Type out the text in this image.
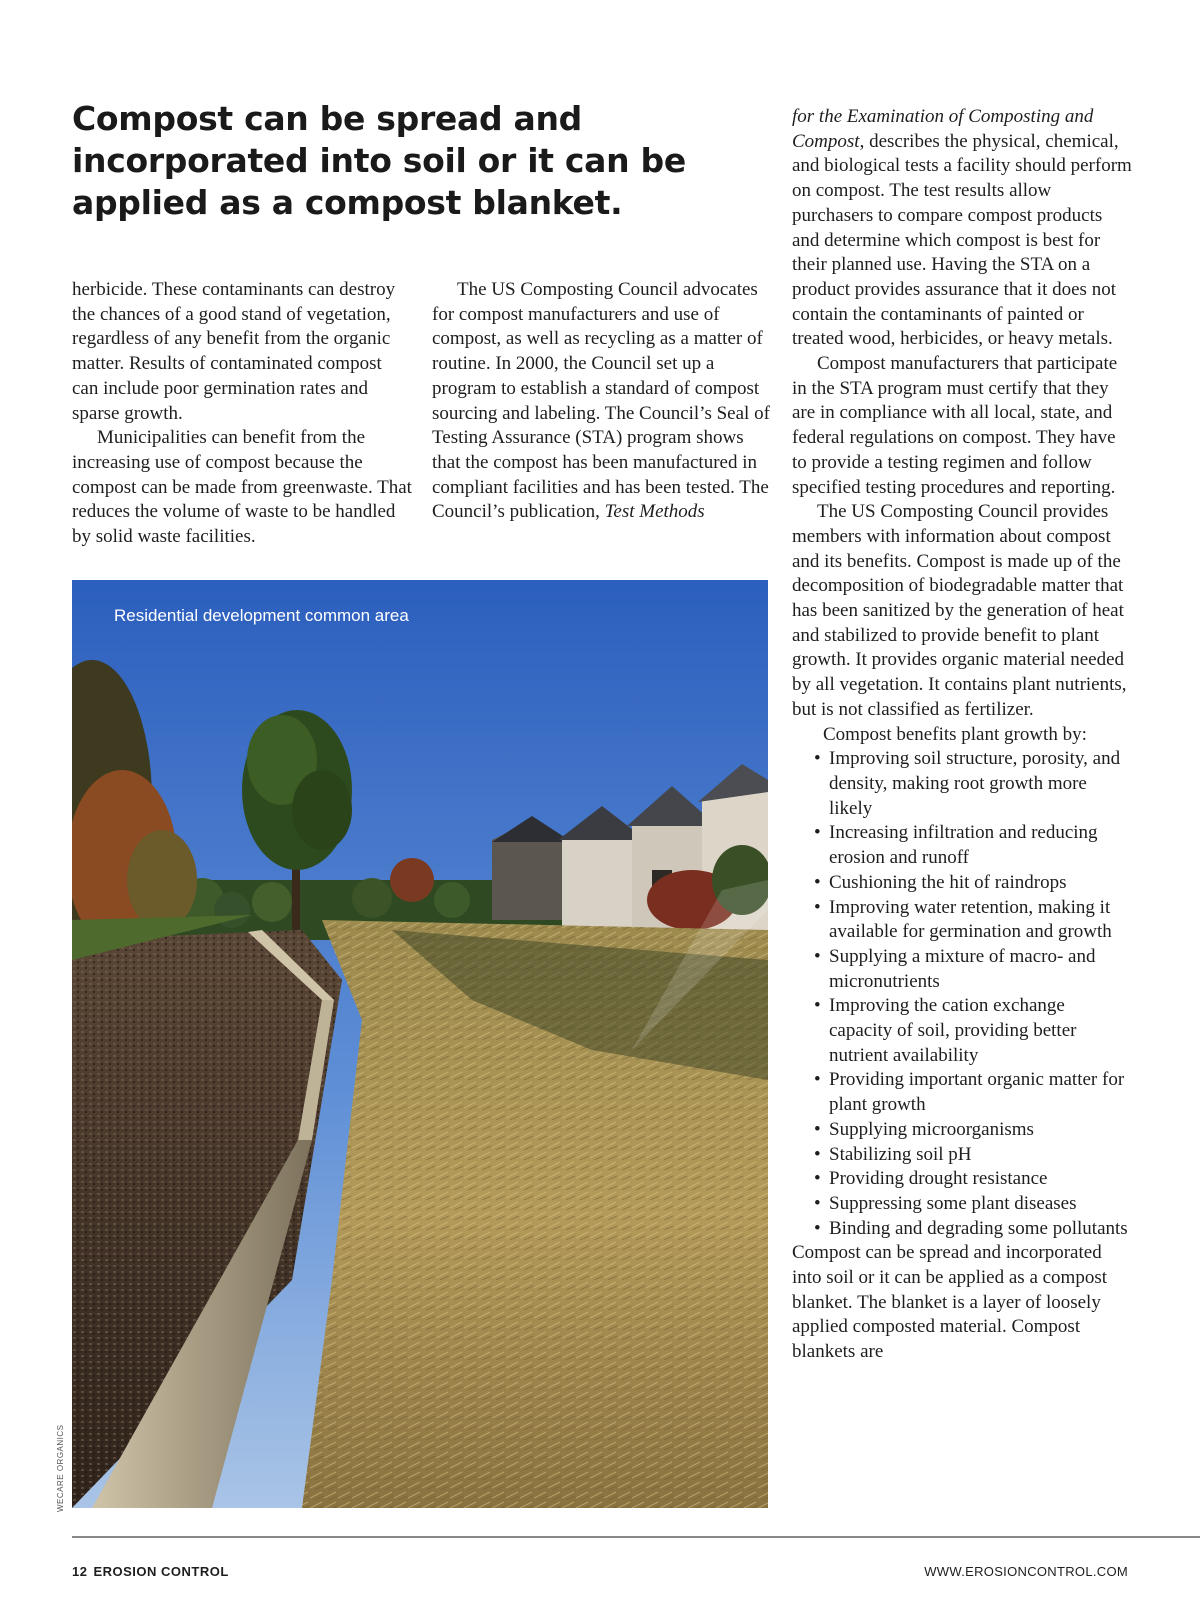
Compost can be spread and incorporated into soil or it can be applied as a compost blanket.

herbicide. These contaminants can destroy the chances of a good stand of vegetation, regardless of any benefit from the organic matter. Results of contaminated compost can include poor germination rates and sparse growth.

Municipalities can benefit from the increasing use of compost because the compost can be made from greenwaste. That reduces the volume of waste to be handled by solid waste facilities.

The US Composting Council advocates for compost manufacturers and use of compost, as well as recycling as a matter of routine. In 2000, the Council set up a program to establish a standard of compost sourcing and labeling. The Council’s Seal of Testing Assurance (STA) program shows that the compost has been manufactured in compliant facilities and has been tested. The Council’s publication, Test Methods

for the Examination of Composting and Compost, describes the physical, chemical, and biological tests a facility should perform on compost. The test results allow purchasers to compare compost products and determine which compost is best for their planned use. Having the STA on a product provides assurance that it does not contain the contaminants of painted or treated wood, herbicides, or heavy metals.

Compost manufacturers that participate in the STA program must certify that they are in compliance with all local, state, and federal regulations on compost. They have to provide a testing regimen and follow specified testing procedures and reporting.

The US Composting Council provides members with information about compost and its benefits. Compost is made up of the decomposition of biodegradable matter that has been sanitized by the generation of heat and stabilized to provide benefit to plant growth. It provides organic material needed by all vegetation. It contains plant nutrients, but is not classified as fertilizer.

Compost benefits plant growth by:

• Improving soil structure, porosity, and density, making root growth more likely
• Increasing infiltration and reducing erosion and runoff
• Cushioning the hit of raindrops
• Improving water retention, making it available for germination and growth
• Supplying a mixture of macro- and micronutrients
• Improving the cation exchange capacity of soil, providing better nutrient availability
• Providing important organic matter for plant growth
• Supplying microorganisms
• Stabilizing soil pH
• Providing drought resistance
• Suppressing some plant diseases
• Binding and degrading some pollutants

Compost can be spread and incorporated into soil or it can be applied as a compost blanket. The blanket is a layer of loosely applied composted material. Compost blankets are

Residential development common area
WECARE ORGANICS
12 EROSION CONTROL	WWW.EROSIONCONTROL.COM
